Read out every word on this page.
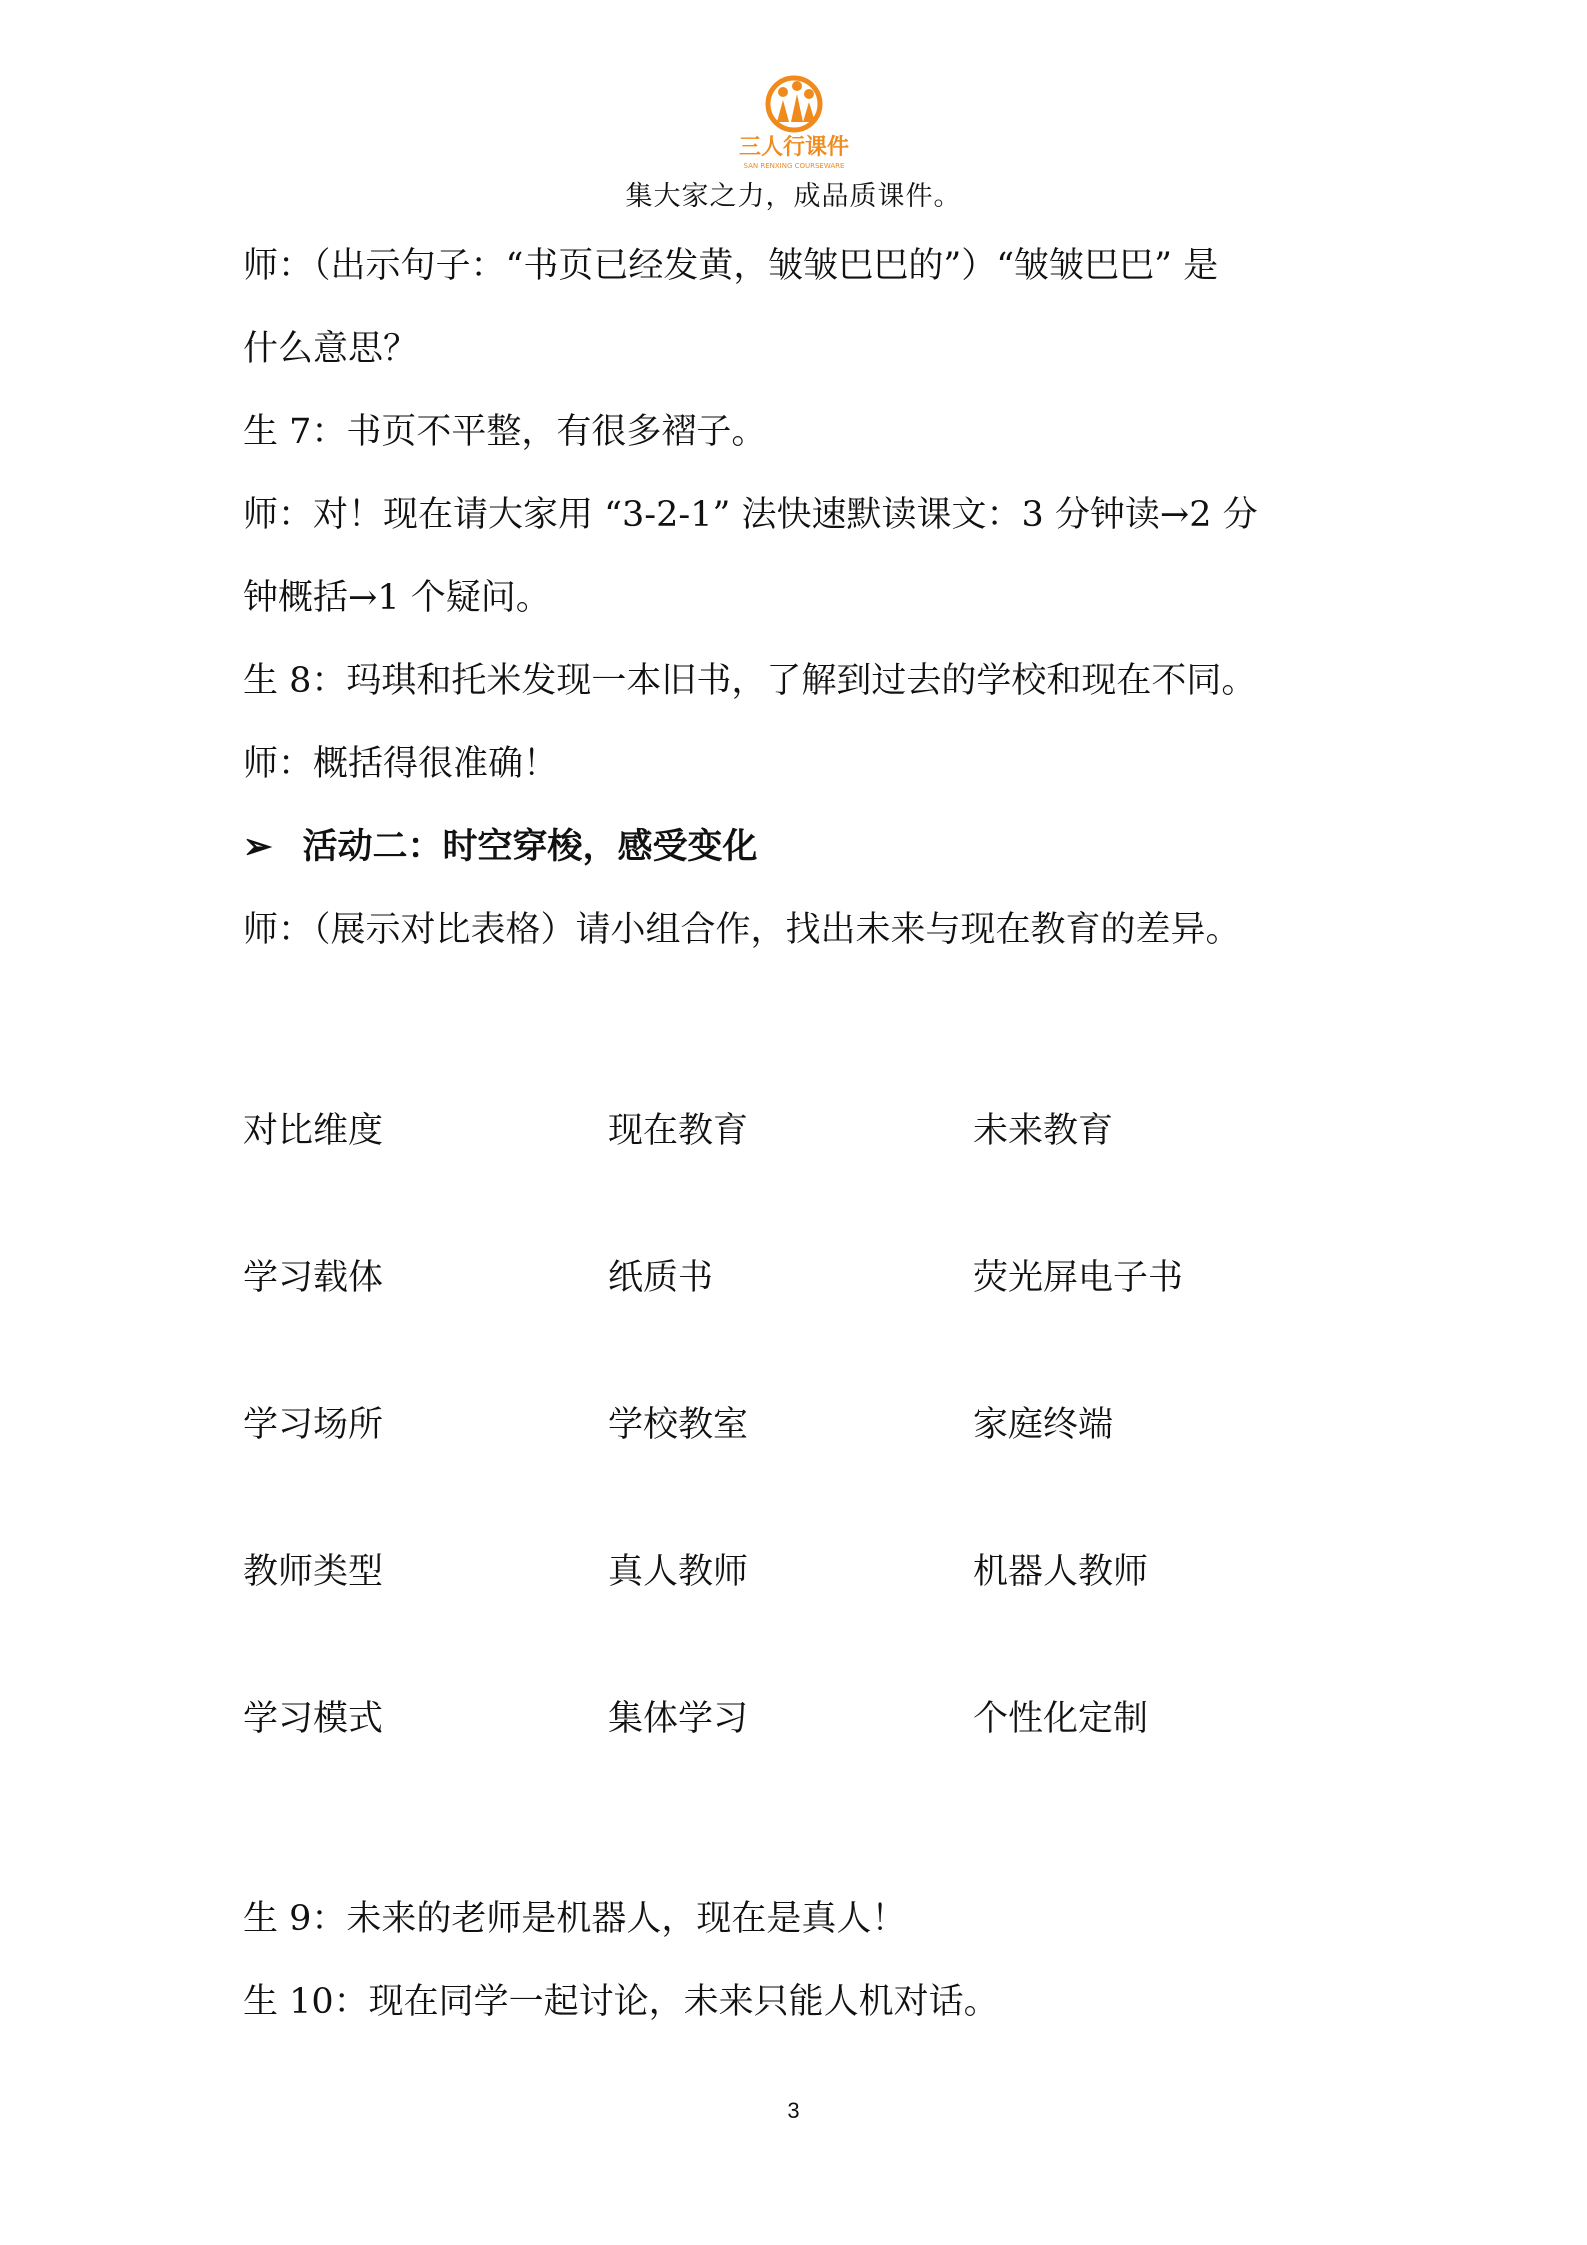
三人行课件
SAN RENXING COURSEWARE
集大家之力，成品质课件。
师：（出示句子：“书页已经发黄，皱皱巴巴的”）“皱皱巴巴” 是
什么意思？
生 7：书页不平整，有很多褶子。
师：对！现在请大家用 “3-2-1” 法快速默读课文：3 分钟读→2 分
钟概括→1 个疑问。
生 8：玛琪和托米发现一本旧书，了解到过去的学校和现在不同。
师：概括得很准确！
➢ 活动二：时空穿梭，感受变化
师：（展示对比表格）请小组合作，找出未来与现在教育的差异。
对比维度	现在教育	未来教育
学习载体	纸质书	荧光屏电子书
学习场所	学校教室	家庭终端
教师类型	真人教师	机器人教师
学习模式	集体学习	个性化定制
生 9：未来的老师是机器人，现在是真人！
生 10：现在同学一起讨论，未来只能人机对话。
3
